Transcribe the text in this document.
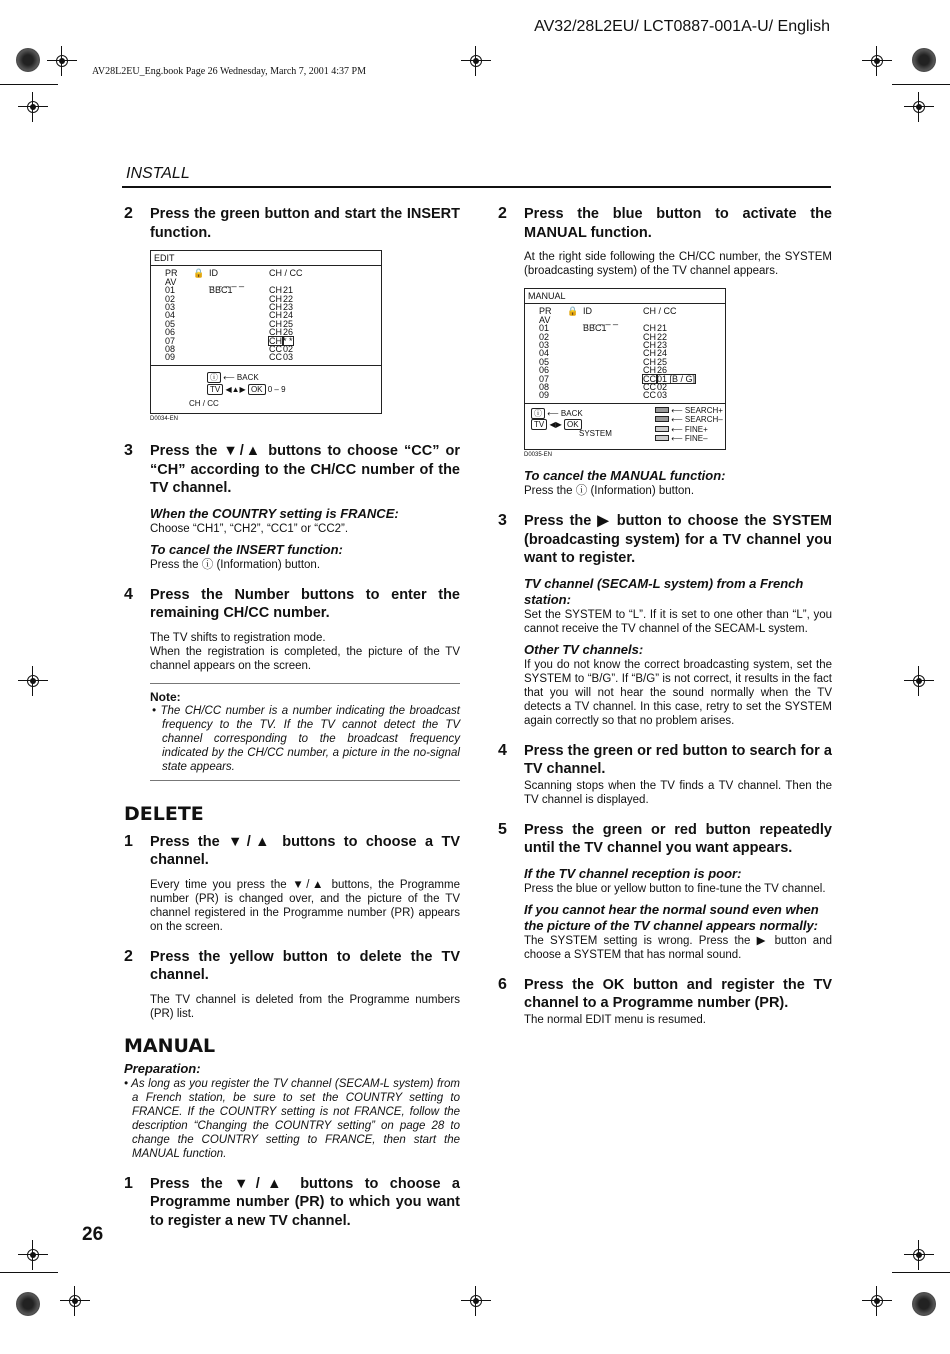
AV32/28L2EU/ LCT0887-001A-U/ English
AV28L2EU_Eng.book Page 26 Wednesday, March 7, 2001 4:37 PM
INSTALL
26
2	Press the green button and start the INSERT function.
EDIT
PR	🔒 ID	CH / CC
AV	_ _ _ _ _
01	BBC1	CH 21
02	CH 22
03	CH 23
04	CH 24
05	CH 25
06	CH 26
07	CH * *
08	CC 02
09	CC 03
ⓘ ⟵ BACK
TV ◀▲▶ OK 0 – 9
CH / CC
D0034-EN
3	Press the ▼/▲ buttons to choose “CC” or “CH” according to the CH/CC number of the TV channel.
When the COUNTRY setting is FRANCE:
Choose “CH1”, “CH2”, “CC1” or “CC2”.
To cancel the INSERT function:
Press the ⓘ (Information) button.
4	Press the Number buttons to enter the remaining CH/CC number.
The TV shifts to registration mode.
When the registration is completed, the picture of the TV channel appears on the screen.
Note:
• The CH/CC number is a number indicating the broadcast frequency to the TV. If the TV cannot detect the TV channel corresponding to the broadcast frequency indicated by the CH/CC number, a picture in the no-signal state appears.
DELETE
1	Press the ▼/▲ buttons to choose a TV channel.
Every time you press the ▼/▲ buttons, the Programme number (PR) is changed over, and the picture of the TV channel registered in the Programme number (PR) appears on the screen.
2	Press the yellow button to delete the TV channel.
The TV channel is deleted from the Programme numbers (PR) list.
MANUAL
Preparation:
• As long as you register the TV channel (SECAM-L system) from a French station, be sure to set the COUNTRY setting to FRANCE. If the COUNTRY setting is not FRANCE, follow the description “Changing the COUNTRY setting” on page 28 to change the COUNTRY setting to FRANCE, then start the MANUAL function.
1	Press the ▼/▲ buttons to choose a Programme number (PR) to which you want to register a new TV channel.
2	Press the blue button to activate the MANUAL function.
At the right side following the CH/CC number, the SYSTEM (broadcasting system) of the TV channel appears.
MANUAL
PR	🔒 ID	CH / CC
AV	_ _ _ _ _
01	BBC1	CH 21
02	CH 22
03	CH 23
04	CH 24
05	CH 25
06	CH 26
07	CC 01 [B / G]
08	CC 02
09	CC 03
ⓘ ⟵ BACK
TV ◀▶ OK
SYSTEM
⟵ SEARCH+
⟵ SEARCH–
⟵ FINE+
⟵ FINE–
D0035-EN
To cancel the MANUAL function:
Press the ⓘ (Information) button.
3	Press the ▶ button to choose the SYSTEM (broadcasting system) for a TV channel you want to register.
TV channel (SECAM-L system) from a French station:
Set the SYSTEM to “L”. If it is set to one other than “L”, you cannot receive the TV channel of the SECAM-L system.
Other TV channels:
If you do not know the correct broadcasting system, set the SYSTEM to “B/G”. If “B/G” is not correct, it results in the fact that you will not hear the sound normally when the TV detects a TV channel. In this case, retry to set the SYSTEM again correctly so that no problem arises.
4	Press the green or red button to search for a TV channel.
Scanning stops when the TV finds a TV channel. Then the TV channel is displayed.
5	Press the green or red button repeatedly until the TV channel you want appears.
If the TV channel reception is poor:
Press the blue or yellow button to fine-tune the TV channel.
If you cannot hear the normal sound even when the picture of the TV channel appears normally:
The SYSTEM setting is wrong. Press the ▶ button and choose a SYSTEM that has normal sound.
6	Press the OK button and register the TV channel to a Programme number (PR).
The normal EDIT menu is resumed.
